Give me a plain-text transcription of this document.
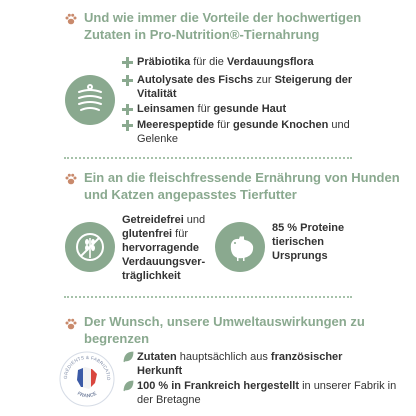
Und wie immer die Vorteile der hochwertigen Zutaten in Pro-Nutrition®-Tiernahrung
Präbiotika für die Verdauungsflora
Autolysate des Fischs zur Steigerung der Vitalität
Leinsamen für gesunde Haut
Meerespeptide für gesunde Knochen und Gelenke
Ein an die fleischfressende Ernährung von Hunden und Katzen angepasstes Tierfutter
Getreidefrei und
glutenfrei für
hervorragende
Verdauungsver-
träglichkeit
85 % Proteine
tierischen
Ursprungs
Der Wunsch, unsere Umweltauswirkungen zu begrenzen
GRÉDIENTS & FABRICATIO
FRANCE
Zutaten hauptsächlich aus französischer Herkunft
100 % in Frankreich hergestellt in unserer Fabrik in der Bretagne
